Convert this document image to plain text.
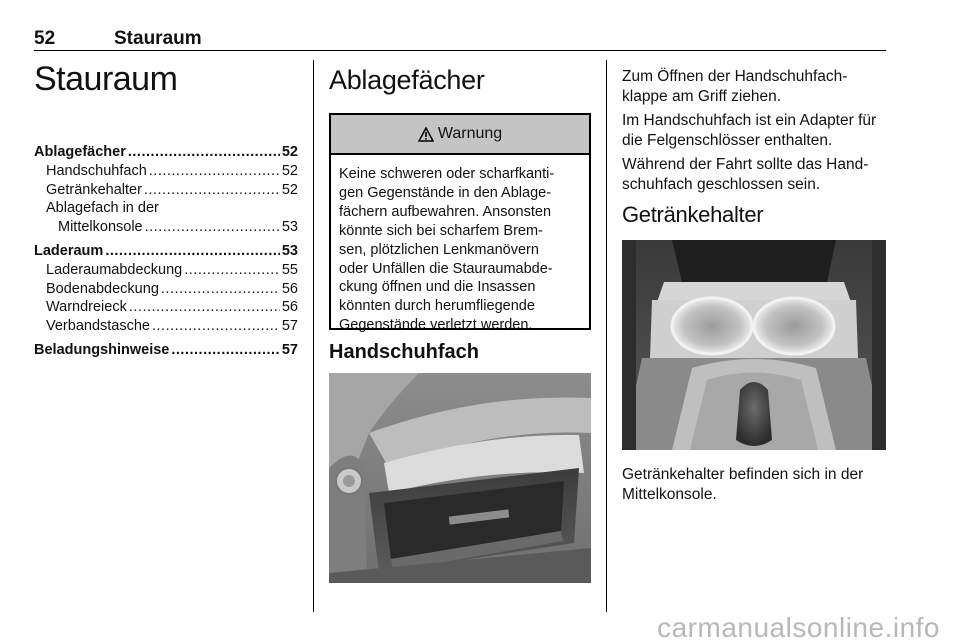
52	Stauraum
Stauraum
Ablagefächer .....	52
Handschuhfach .....	52
Getränkehalter .....	52
Ablagefach in der
Mittelkonsole .....	53
Laderaum .....	53
Laderaumabdeckung .....	55
Bodenabdeckung .....	56
Warndreieck .....	56
Verbandstasche .....	57
Beladungshinweise .....	57
Ablagefächer
Warnung
Keine schweren oder scharfkanti-
gen Gegenstände in den Ablage-
fächern aufbewahren. Ansonsten
könnte sich bei scharfem Brem-
sen, plötzlichen Lenkmanövern
oder Unfällen die Stauraumabde-
ckung öffnen und die Insassen
könnten durch herumfliegende
Gegenstände verletzt werden.
Handschuhfach
Zum Öffnen der Handschuhfach-
klappe am Griff ziehen.
Im Handschuhfach ist ein Adapter für
die Felgenschlösser enthalten.
Während der Fahrt sollte das Hand-
schuhfach geschlossen sein.
Getränkehalter
Getränkehalter befinden sich in der
Mittelkonsole.
carmanualsonline.info
